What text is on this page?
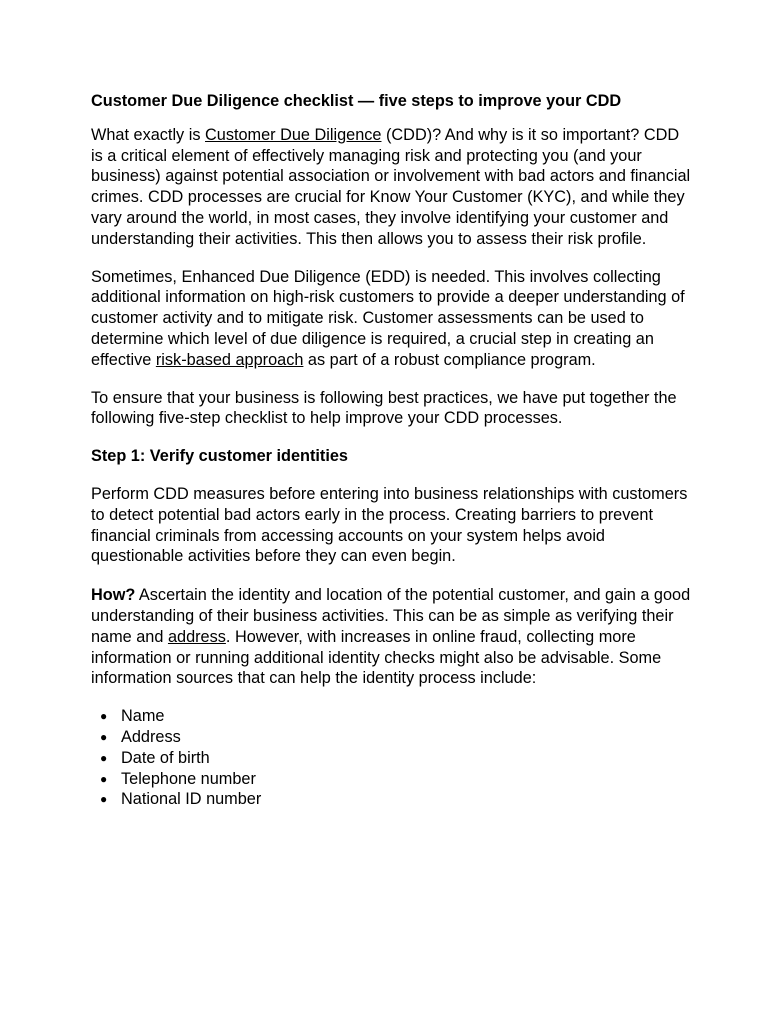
Customer Due Diligence checklist — five steps to improve your CDD

What exactly is Customer Due Diligence (CDD)? And why is it so important? CDD is a critical element of effectively managing risk and protecting you (and your business) against potential association or involvement with bad actors and financial crimes. CDD processes are crucial for Know Your Customer (KYC), and while they vary around the world, in most cases, they involve identifying your customer and understanding their activities. This then allows you to assess their risk profile.

Sometimes, Enhanced Due Diligence (EDD) is needed. This involves collecting additional information on high-risk customers to provide a deeper understanding of customer activity and to mitigate risk. Customer assessments can be used to determine which level of due diligence is required, a crucial step in creating an effective risk-based approach as part of a robust compliance program.

To ensure that your business is following best practices, we have put together the following five-step checklist to help improve your CDD processes.

Step 1: Verify customer identities

Perform CDD measures before entering into business relationships with customers to detect potential bad actors early in the process. Creating barriers to prevent financial criminals from accessing accounts on your system helps avoid questionable activities before they can even begin.

How? Ascertain the identity and location of the potential customer, and gain a good understanding of their business activities. This can be as simple as verifying their name and address. However, with increases in online fraud, collecting more information or running additional identity checks might also be advisable. Some information sources that can help the identity process include:

● Name
● Address
● Date of birth
● Telephone number
● National ID number
